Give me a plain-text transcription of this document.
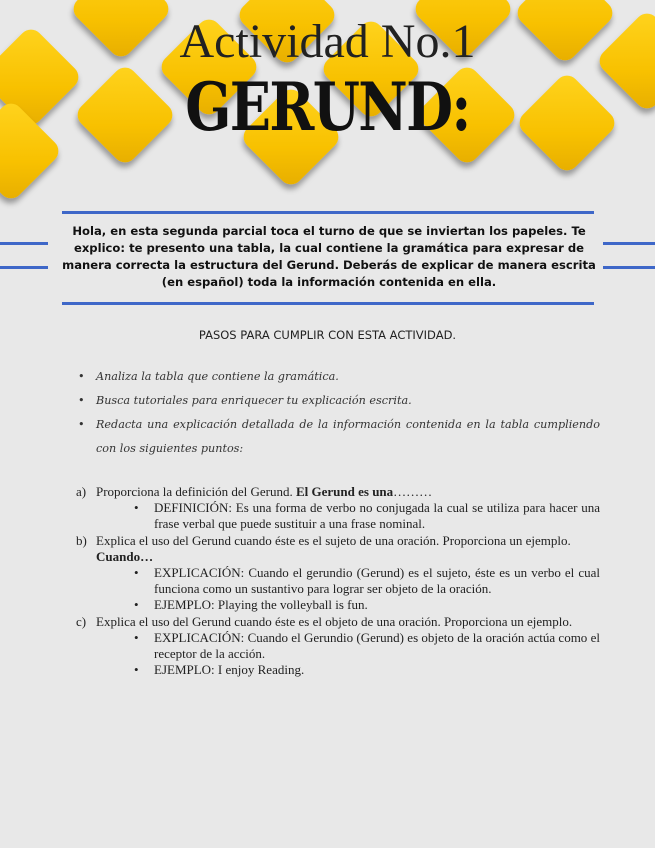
Actividad No.1
GERUND:
Hola, en esta segunda parcial toca el turno de que se inviertan los papeles. Te explico: te presento una tabla, la cual contiene la gramática para expresar de manera correcta la estructura del Gerund. Deberás de explicar de manera escrita (en español) toda la información contenida en ella.
PASOS PARA CUMPLIR CON ESTA ACTIVIDAD.
• Analiza la tabla que contiene la gramática.
• Busca tutoriales para enriquecer tu explicación escrita.
• Redacta una explicación detallada de la información contenida en la tabla cumpliendo con los siguientes puntos:
a) Proporciona la definición del Gerund. El Gerund es una………
• DEFINICIÓN: Es una forma de verbo no conjugada la cual se utiliza para hacer una frase verbal que puede sustituir a una frase nominal.
b) Explica el uso del Gerund cuando éste es el sujeto de una oración. Proporciona un ejemplo. Cuando…
• EXPLICACIÓN: Cuando el gerundio (Gerund) es el sujeto, éste es un verbo el cual funciona como un sustantivo para lograr ser objeto de la oración.
• EJEMPLO: Playing the volleyball is fun.
c) Explica el uso del Gerund cuando éste es el objeto de una oración. Proporciona un ejemplo.
• EXPLICACIÓN: Cuando el Gerundio (Gerund) es objeto de la oración actúa como el receptor de la acción.
• EJEMPLO: I enjoy Reading.
